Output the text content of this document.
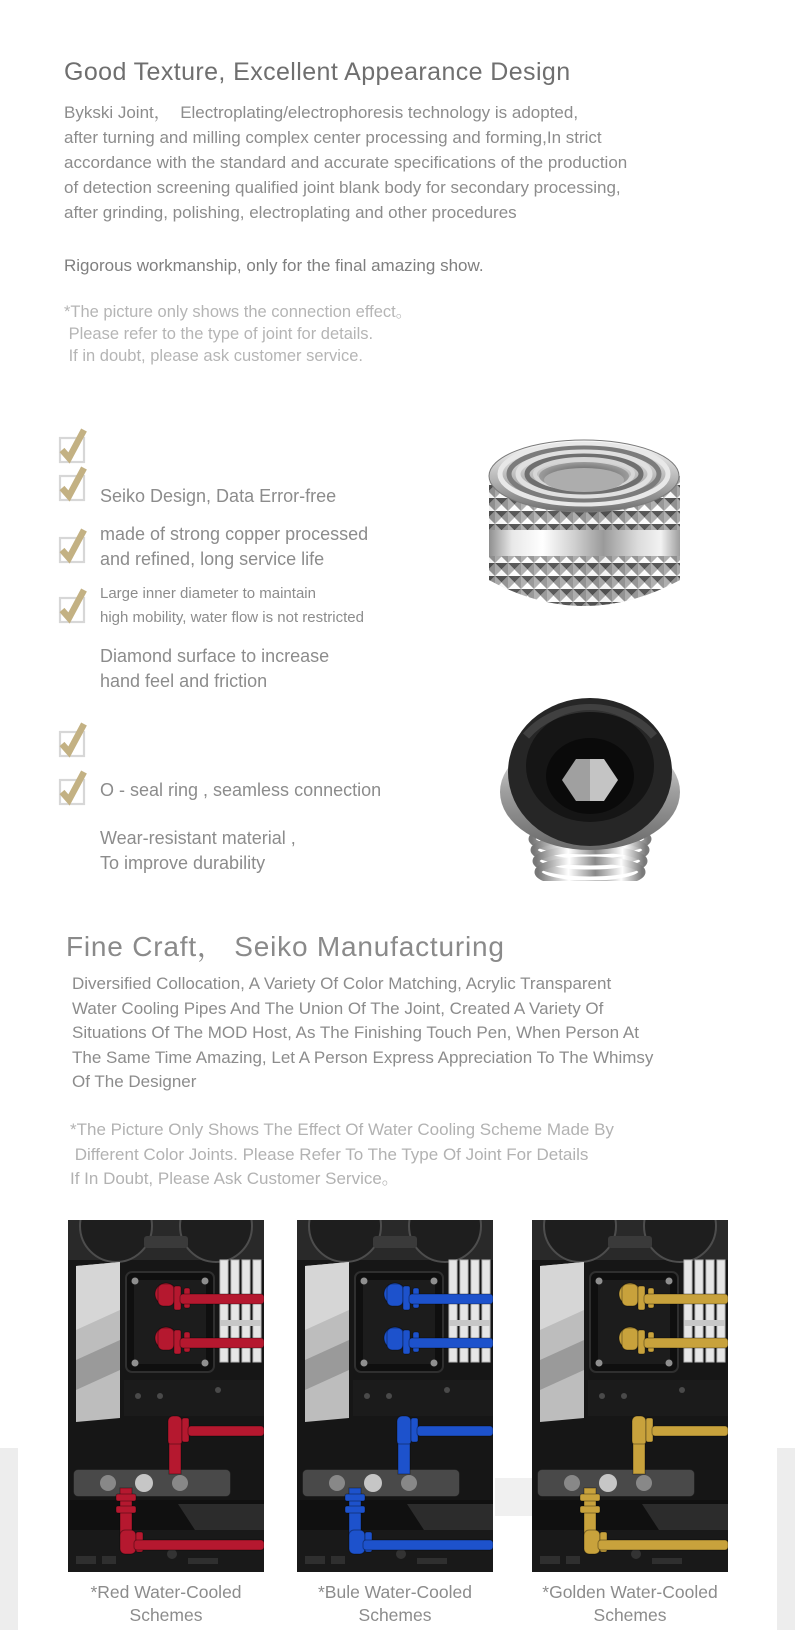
Good Texture, Excellent Appearance Design
Bykski Joint，  Electroplating/electrophoresis technology is adopted,
after turning and milling complex center processing and forming,In strict
accordance with the standard and accurate specifications of the production
of detection screening qualified joint blank body for secondary processing,
after grinding, polishing, electroplating and other procedures
Rigorous workmanship, only for the final amazing show.
*The picture only shows the connection effect。
Please refer to the type of joint for details.
If in doubt, please ask customer service.

Seiko Design, Data Error-free

made of strong copper processed
and refined, long service life

Large inner diameter to maintain
high mobility, water flow is not restricted

Diamond surface to increase
hand feel and friction

O - seal ring , seamless connection

Wear-resistant material ,
To improve durability

Fine Craft， Seiko Manufacturing
Diversified Collocation, A Variety Of Color Matching, Acrylic Transparent
Water Cooling Pipes And The Union Of The Joint, Created A Variety Of
Situations Of The MOD Host, As The Finishing Touch Pen, When Person At
The Same Time Amazing, Let A Person Express Appreciation To The Whimsy
Of The Designer
*The Picture Only Shows The Effect Of Water Cooling Scheme Made By
Different Color Joints. Please Refer To The Type Of Joint For Details
If In Doubt, Please Ask Customer Service。
*Red Water-Cooled
Schemes
*Bule Water-Cooled
Schemes
*Golden Water-Cooled
Schemes
